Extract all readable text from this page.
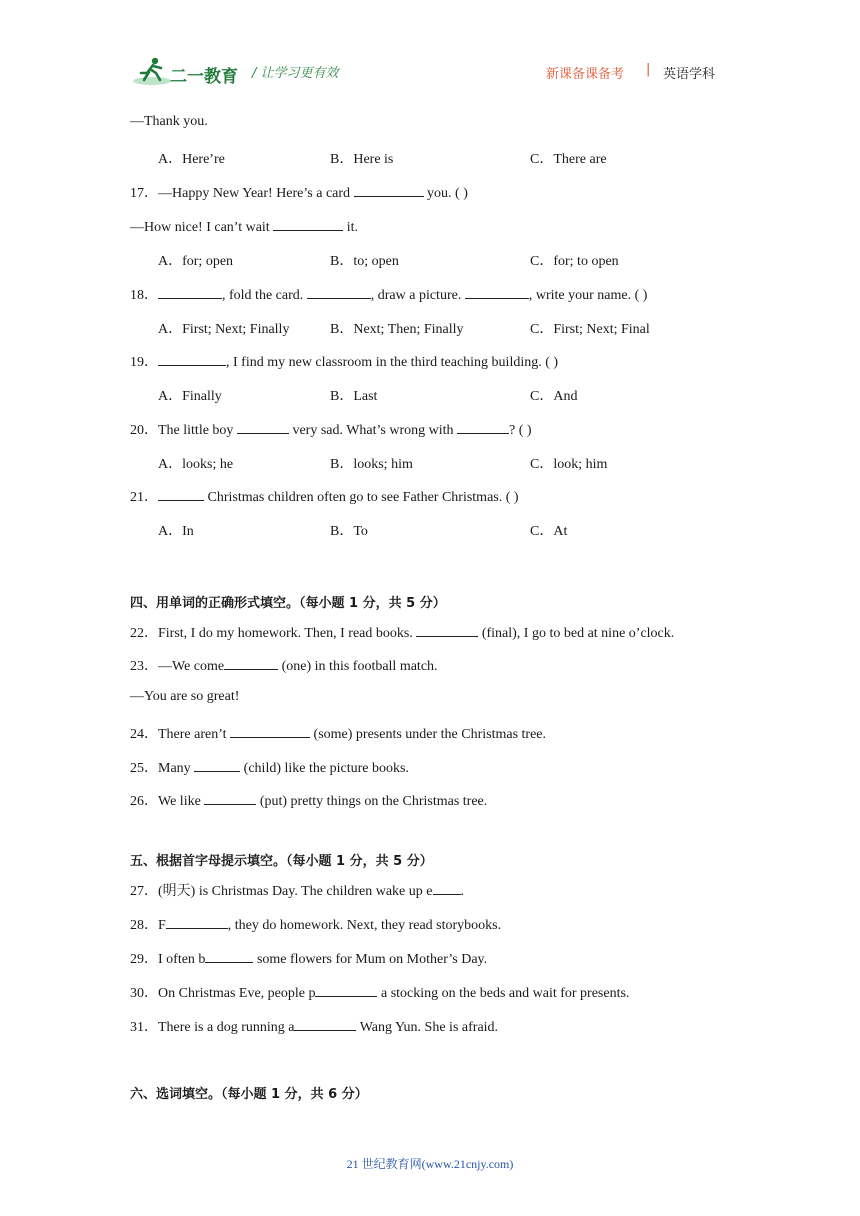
二一教育 / 让学习更有效	新课备课备考 | 英语学科
—Thank you.
A．Here’re	B．Here is	C．There are
17．—Happy New Year! Here’s a card	you. ( )
—How nice! I can’t wait	it.
A．for; open	B．to; open	C．for; to open
18．	, fold the card.	, draw a picture.	, write your name. ( )
A．First; Next; Finally	B．Next; Then; Finally	C．First; Next; Final
19．	, I find my new classroom in the third teaching building. ( )
A．Finally	B．Last	C．And
20．The little boy	very sad. What’s wrong with	? ( )
A．looks; he	B．looks; him	C．look; him
21．	Christmas children often go to see Father Christmas. ( )
A．In	B．To	C．At
四、用单词的正确形式填空。（每小题 1 分，共 5 分）
22．First, I do my homework. Then, I read books.	(final), I go to bed at nine o’clock.
23．—We come	(one) in this football match.
—You are so great!
24．There aren’t	(some) presents under the Christmas tree.
25．Many	(child) like the picture books.
26．We like	(put) pretty things on the Christmas tree.
五、根据首字母提示填空。（每小题 1 分，共 5 分）
27．(明天) is Christmas Day. The children wake up e .
28．F	, they do homework. Next, they read storybooks.
29．I often b	some flowers for Mum on Mother’s Day.
30．On Christmas Eve, people p	a stocking on the beds and wait for presents.
31．There is a dog running a	Wang Yun. She is afraid.
六、选词填空。（每小题 1 分，共 6 分）
21 世纪教育网(www.21cnjy.com)
